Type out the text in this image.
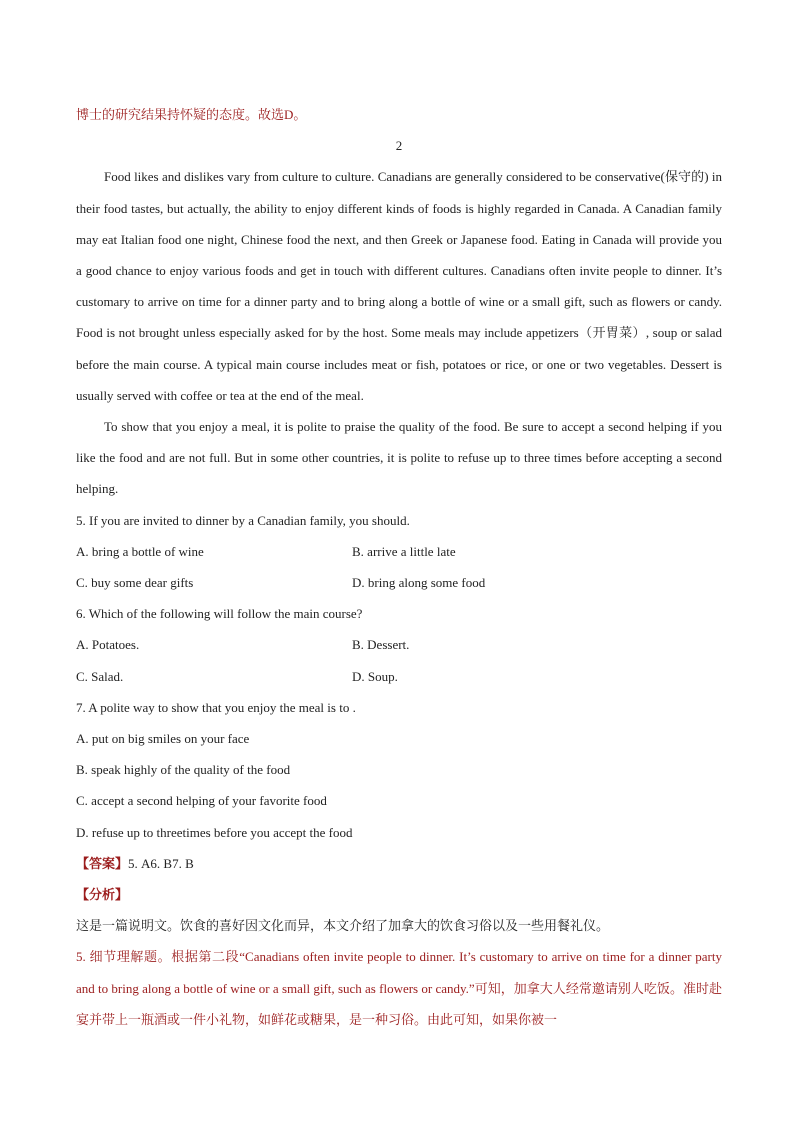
博士的研究结果持怀疑的态度。故选D。

2

Food likes and dislikes vary from culture to culture. Canadians are generally considered to be conservative(保守的) in their food tastes, but actually, the ability to enjoy different kinds of foods is highly regarded in Canada. A Canadian family may eat Italian food one night, Chinese food the next, and then Greek or Japanese food. Eating in Canada will provide you a good chance to enjoy various foods and get in touch with different cultures. Canadians often invite people to dinner. It’s customary to arrive on time for a dinner party and to bring along a bottle of wine or a small gift, such as flowers or candy. Food is not brought unless especially asked for by the host. Some meals may include appetizers（开胃菜）, soup or salad before the main course. A typical main course includes meat or fish, potatoes or rice, or one or two vegetables. Dessert is usually served with coffee or tea at the end of the meal.

To show that you enjoy a meal, it is polite to praise the quality of the food. Be sure to accept a second helping if you like the food and are not full. But in some other countries, it is polite to refuse up to three times before accepting a second helping.

5. If you are invited to dinner by a Canadian family, you should.

A. bring a bottle of wine	B. arrive a little late
C. buy some dear gifts	D. bring along some food

6. Which of the following will follow the main course?

A. Potatoes.	B. Dessert.
C. Salad.	D. Soup.

7. A polite way to show that you enjoy the meal is to .

A. put on big smiles on your face

B. speak highly of the quality of the food

C. accept a second helping of your favorite food

D. refuse up to threetimes before you accept the food

【答案】5. A6. B7. B

【分析】

这是一篇说明文。饮食的喜好因文化而异，本文介绍了加拿大的饮食习俗以及一些用餐礼仪。

5. 细节理解题。根据第二段“Canadians often invite people to dinner. It’s customary to arrive on time for a dinner party and to bring along a bottle of wine or a small gift, such as flowers or candy.”可知，加拿大人经常邀请别人吃饭。准时赴宴并带上一瓶酒或一件小礼物，如鲜花或糖果，是一种习俗。由此可知，如果你被一
